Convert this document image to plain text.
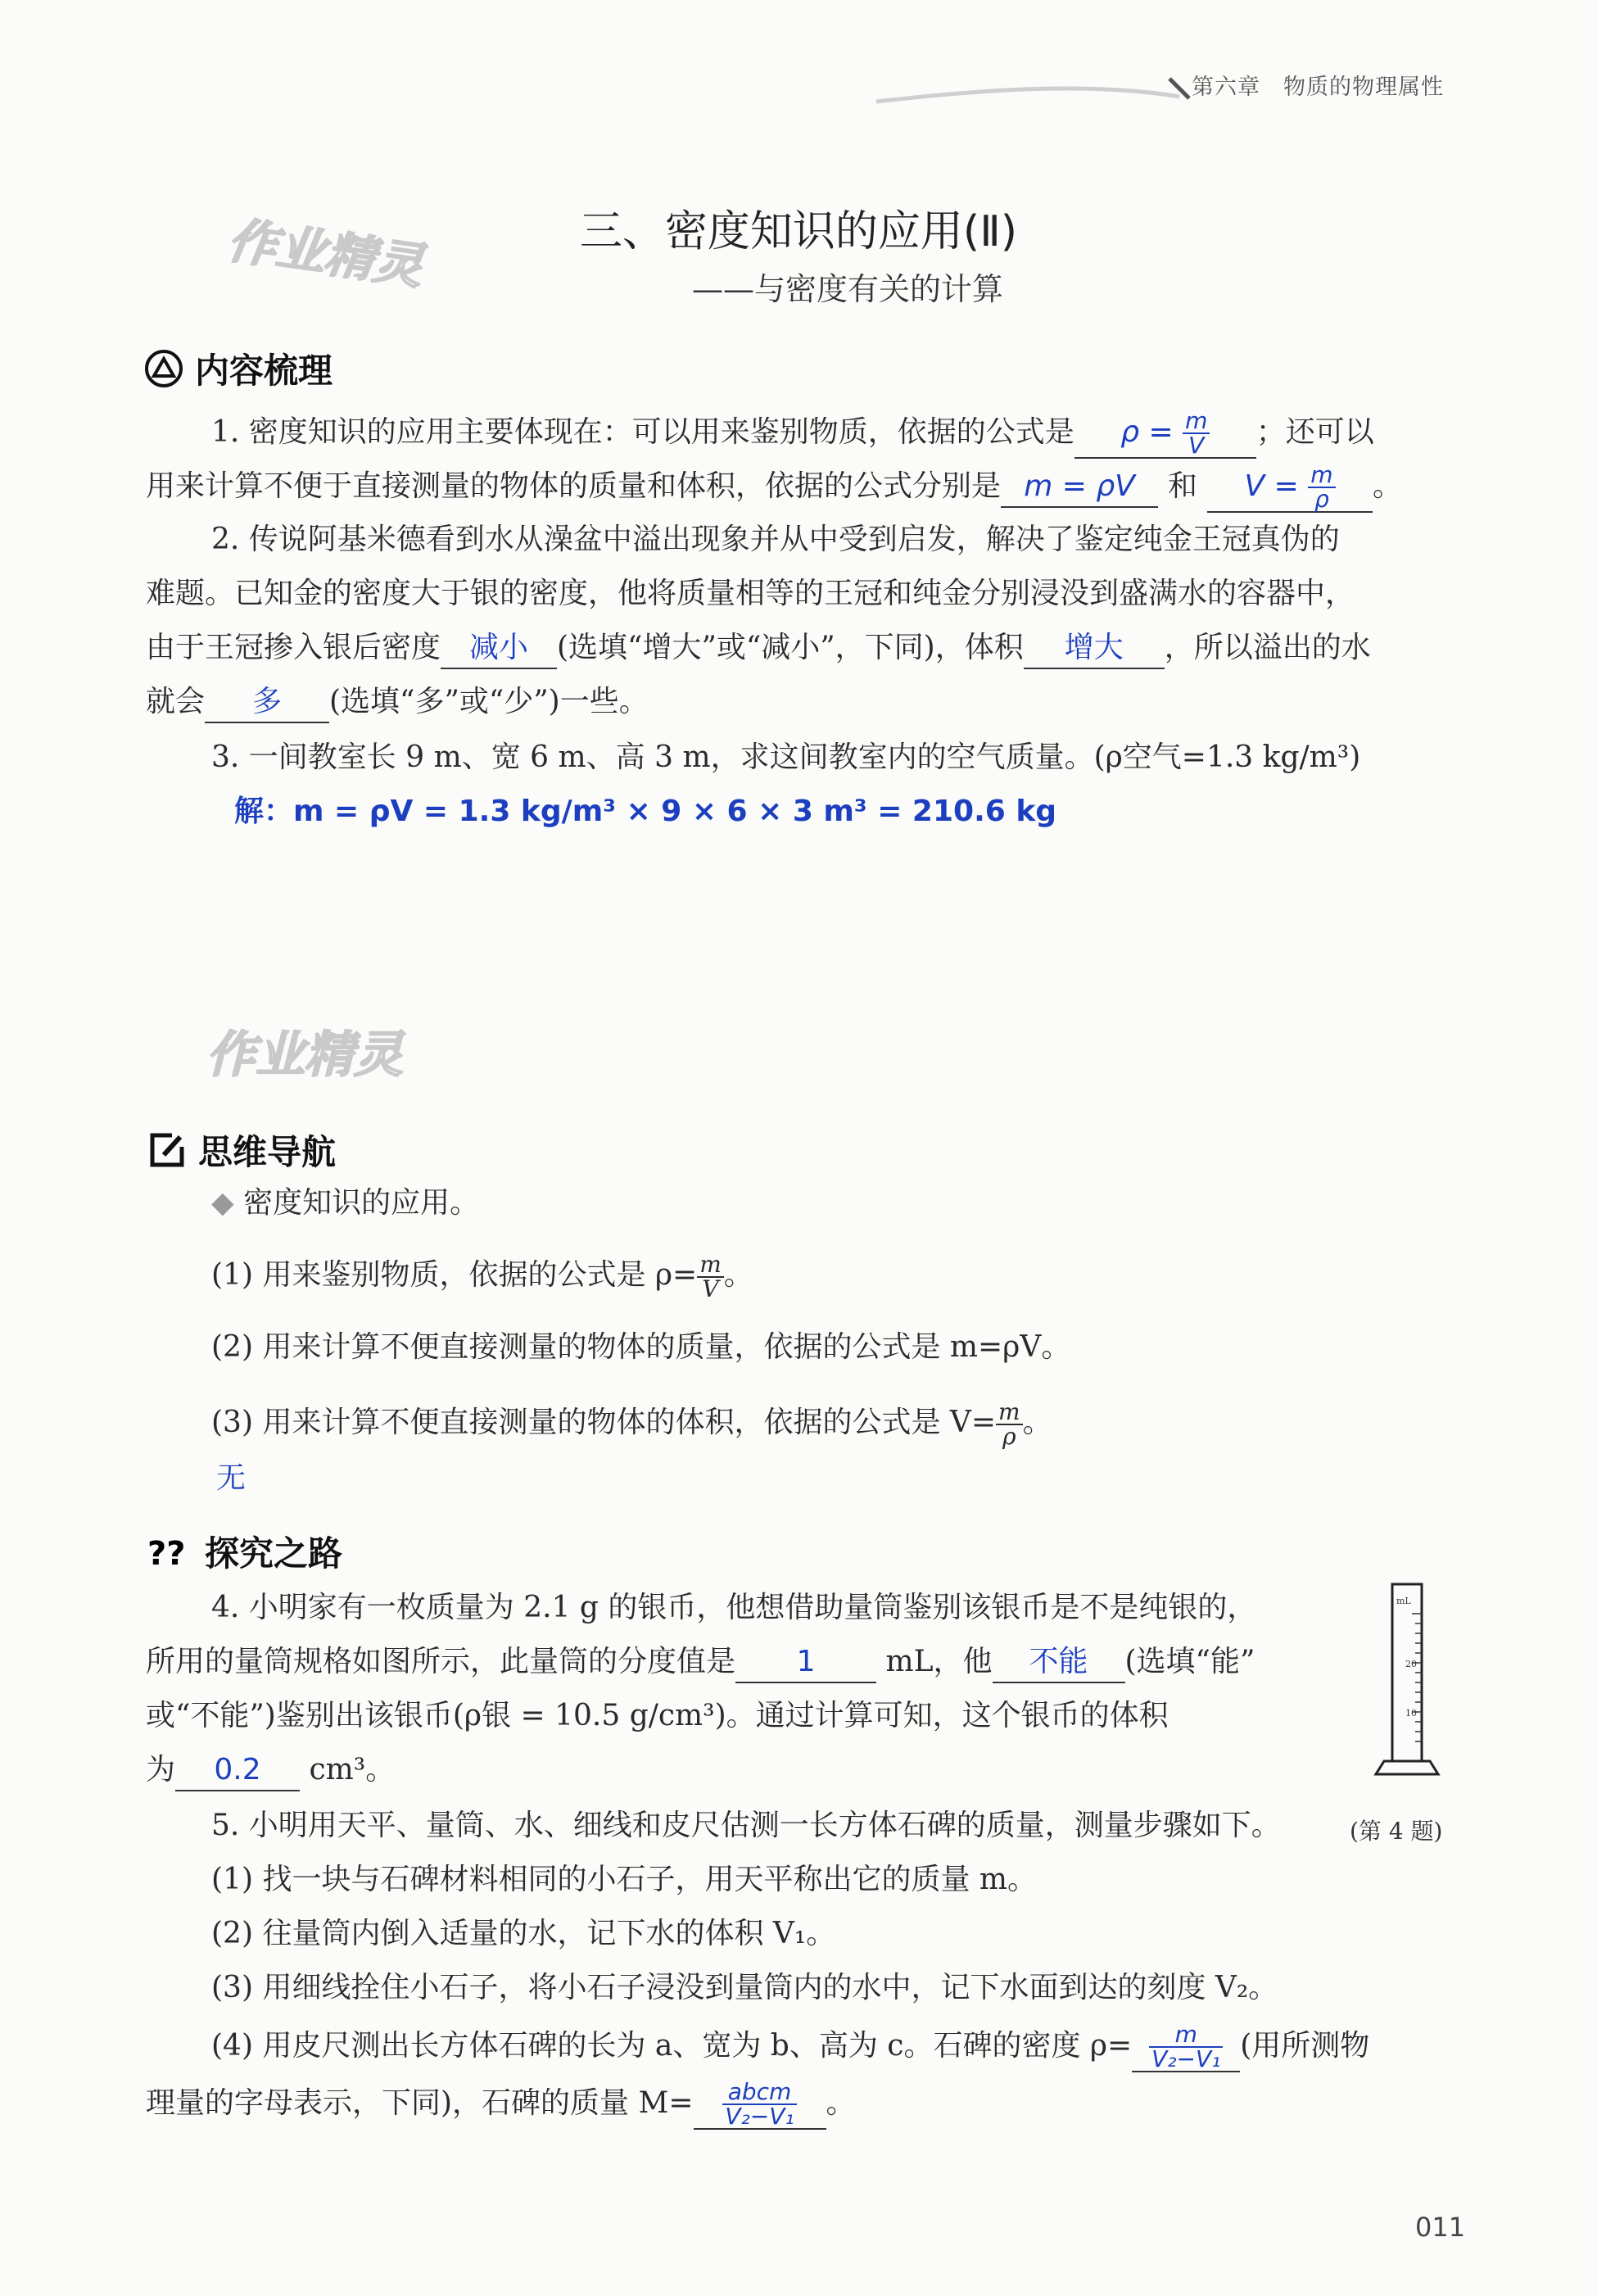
第六章　物质的物理属性
作业精灵	三、密度知识的应用(Ⅱ)
——与密度有关的计算
内容梳理
1. 密度知识的应用主要体现在：可以用来鉴别物质，依据的公式是 $\rho = \frac{m}{V}$ ；还可以
用来计算不便于直接测量的物体的质量和体积，依据的公式分别是 m = ρV 和 $V = \frac{m}{\rho}$ 。
2. 传说阿基米德看到水从澡盆中溢出现象并从中受到启发，解决了鉴定纯金王冠真伪的
难题。已知金的密度大于银的密度，他将质量相等的王冠和纯金分别浸没到盛满水的容器中，
由于王冠掺入银后密度 减小 (选填“增大”或“减小”，下同)，体积 增大 ，所以溢出的水
就会 多 (选填“多”或“少”)一些。
3. 一间教室长 9 m、宽 6 m、高 3 m，求这间教室内的空气质量。(ρ空气=1.3 kg/m³)
解：m = ρV = 1.3 kg/m³ × 9 × 6 × 3 m³ = 210.6 kg
作业精灵
思维导航
◆ 密度知识的应用。
(1) 用来鉴别物质，依据的公式是 $\rho= \frac{m}{V}$ 。
(2) 用来计算不便直接测量的物体的质量，依据的公式是 m=ρV。
(3) 用来计算不便直接测量的物体的体积，依据的公式是 $V= \frac{m}{\rho}$ 。
无
?? 探究之路
4. 小明家有一枚质量为 2.1 g 的银币，他想借助量筒鉴别该银币是不是纯银的，
所用的量筒规格如图所示，此量筒的分度值是 1 mL，他 不能 (选填“能”
或“不能”)鉴别出该银币(ρ银 = 10.5 g/cm³)。通过计算可知，这个银币的体积
为 0.2 cm³。
mL
20
10
5. 小明用天平、量筒、水、细线和皮尺估测一长方体石碑的质量，测量步骤如下。	(第 4 题)
(1) 找一块与石碑材料相同的小石子，用天平称出它的质量 m。
(2) 往量筒内倒入适量的水，记下水的体积 V₁。
(3) 用细线拴住小石子，将小石子浸没到量筒内的水中，记下水面到达的刻度 V₂。
(4) 用皮尺测出长方体石碑的长为 a、宽为 b、高为 c。石碑的密度 $\rho= \frac{m}{\text{V₂−V₁}}$ (用所测物
理量的字母表示，下同)，石碑的质量 $M= \frac{\text{abcm}}{\text{V₂−V₁}}$ 。
011
